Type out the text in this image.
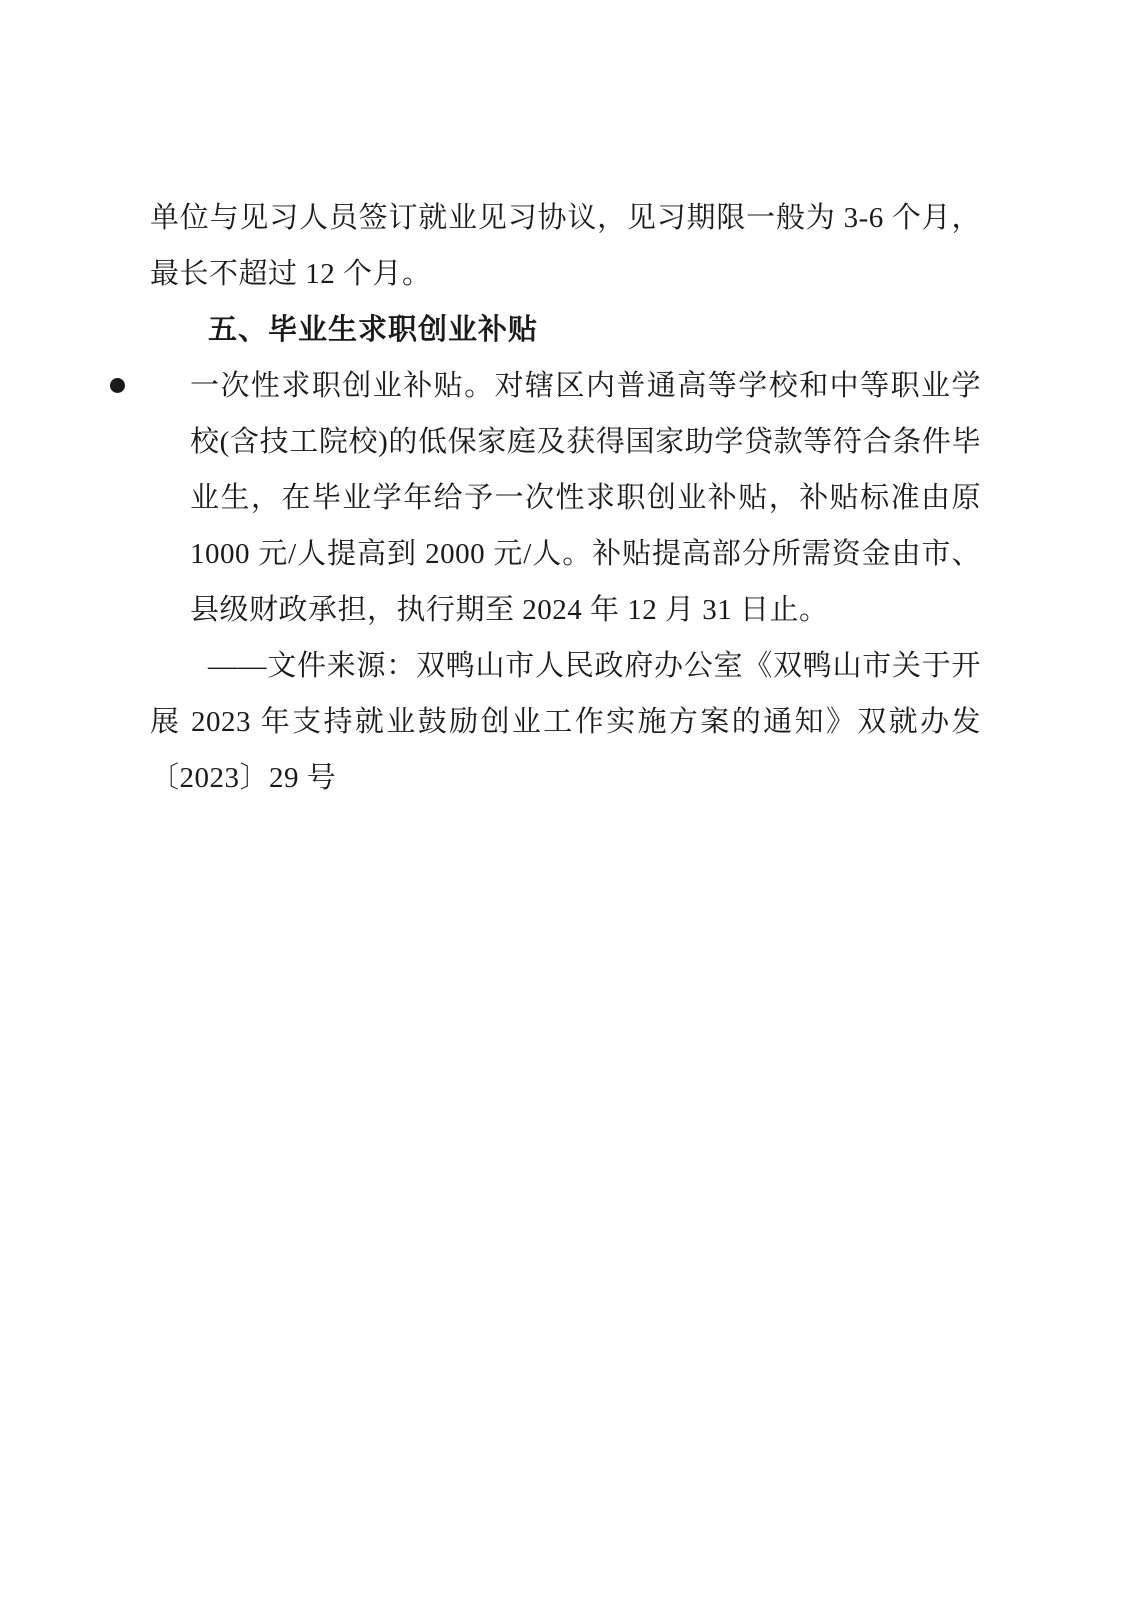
单位与见习人员签订就业见习协议，见习期限一般为 3-6 个月，最长不超过 12 个月。

五、毕业生求职创业补贴

一次性求职创业补贴。对辖区内普通高等学校和中等职业学校(含技工院校)的低保家庭及获得国家助学贷款等符合条件毕业生，在毕业学年给予一次性求职创业补贴，补贴标准由原 1000 元/人提高到 2000 元/人。补贴提高部分所需资金由市、县级财政承担，执行期至 2024 年 12 月 31 日止。

——文件来源：双鸭山市人民政府办公室《双鸭山市关于开展 2023 年支持就业鼓励创业工作实施方案的通知》双就办发〔2023〕29 号
